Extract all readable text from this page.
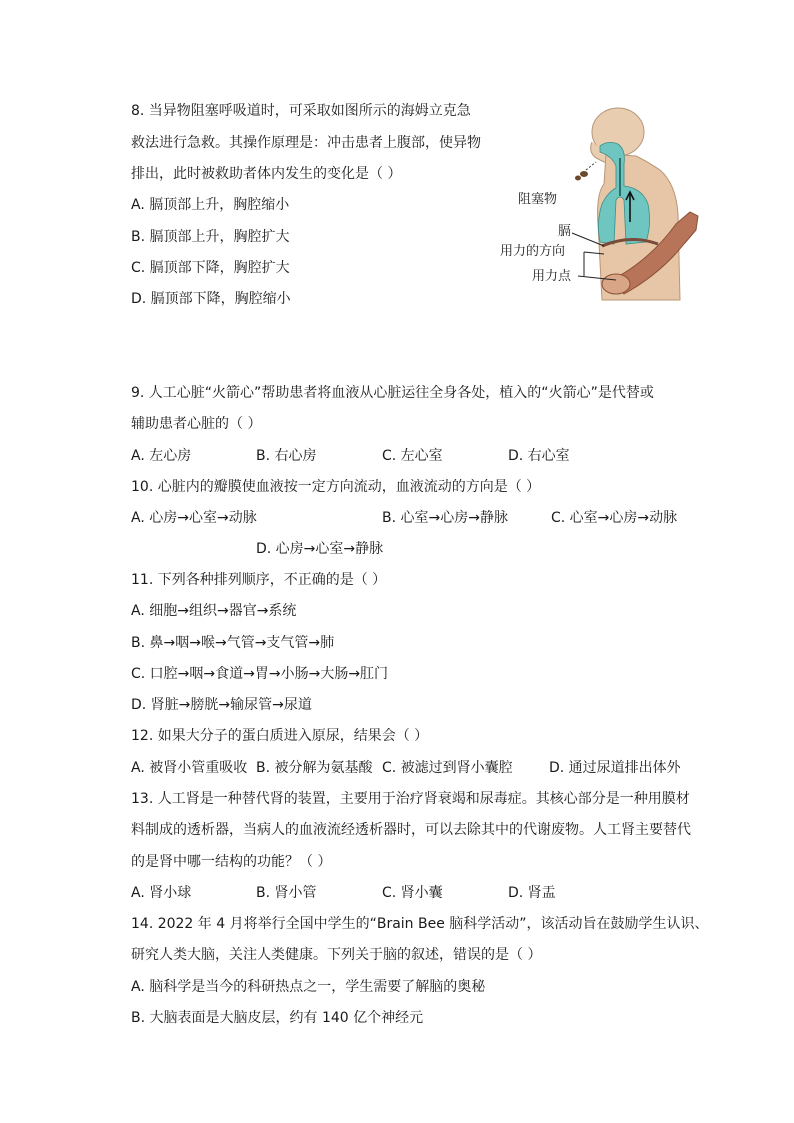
8. 当异物阻塞呼吸道时，可采取如图所示的海姆立克急
救法进行急救。其操作原理是：冲击患者上腹部，使异物
排出，此时被救助者体内发生的变化是（ ）
A. 膈顶部上升，胸腔缩小
B. 膈顶部上升，胸腔扩大
C. 膈顶部下降，胸腔扩大
D. 膈顶部下降，胸腔缩小
阻塞物
膈
用力的方向
用力点
9. 人工心脏“火箭心”帮助患者将血液从心脏运往全身各处，植入的“火箭心”是代替或
辅助患者心脏的（ ）
A. 左心房	B. 右心房	C. 左心室	D. 右心室
10. 心脏内的瓣膜使血液按一定方向流动，血液流动的方向是（ ）
A. 心房→心室→动脉	B. 心室→心房→静脉	C. 心室→心房→动脉
D. 心房→心室→静脉
11. 下列各种排列顺序，不正确的是（ ）
A. 细胞→组织→器官→系统
B. 鼻→咽→喉→气管→支气管→肺
C. 口腔→咽→食道→胃→小肠→大肠→肛门
D. 肾脏→膀胱→输尿管→尿道
12. 如果大分子的蛋白质进入原尿，结果会（ ）
A. 被肾小管重吸收 B. 被分解为氨基酸 C. 被滤过到肾小囊腔	D. 通过尿道排出体外
13. 人工肾是一种替代肾的装置，主要用于治疗肾衰竭和尿毒症。其核心部分是一种用膜材
料制成的透析器，当病人的血液流经透析器时，可以去除其中的代谢废物。人工肾主要替代
的是肾中哪一结构的功能？（ ）
A. 肾小球	B. 肾小管	C. 肾小囊	D. 肾盂
14. 2022 年 4 月将举行全国中学生的“Brain Bee 脑科学活动”，该活动旨在鼓励学生认识、
研究人类大脑，关注人类健康。下列关于脑的叙述，错误的是（ ）
A. 脑科学是当今的科研热点之一，学生需要了解脑的奥秘
B. 大脑表面是大脑皮层，约有 140 亿个神经元
